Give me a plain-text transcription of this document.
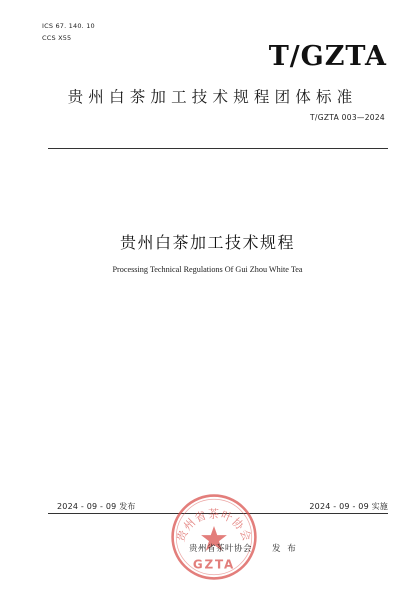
ICS 67. 140. 10
CCS X55
T/GZTA
贵州白茶加工技术规程团体标准
T/GZTA 003—2024
贵州白茶加工技术规程
Processing Technical Regulations Of Gui Zhou White Tea
2024 - 09 - 09 发布	2024 - 09 - 09 实施
贵州省茶叶协会
GZTA
贵州省茶叶协会 发 布
